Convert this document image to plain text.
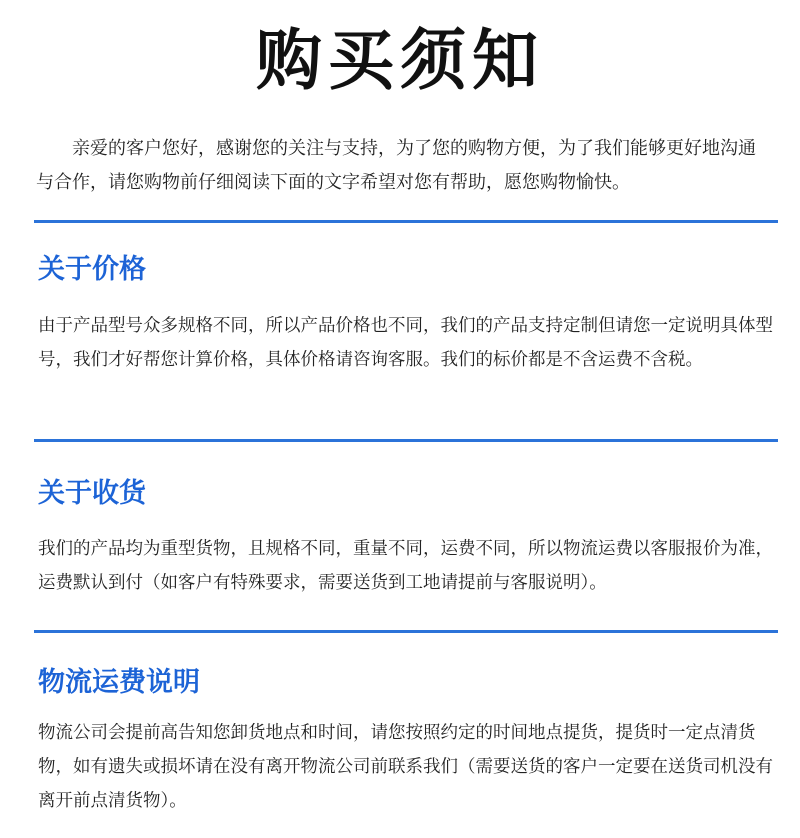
购买须知
亲爱的客户您好，感谢您的关注与支持，为了您的购物方便，为了我们能够更好地沟通与合作，请您购物前仔细阅读下面的文字希望对您有帮助，愿您购物愉快。
关于价格
由于产品型号众多规格不同，所以产品价格也不同，我们的产品支持定制但请您一定说明具体型号，我们才好帮您计算价格，具体价格请咨询客服。我们的标价都是不含运费不含税。
关于收货
我们的产品均为重型货物，且规格不同，重量不同，运费不同，所以物流运费以客服报价为准，运费默认到付（如客户有特殊要求，需要送货到工地请提前与客服说明）。
物流运费说明
物流公司会提前高告知您卸货地点和时间，请您按照约定的时间地点提货，提货时一定点清货物，如有遗失或损坏请在没有离开物流公司前联系我们（需要送货的客户一定要在送货司机没有离开前点清货物）。
